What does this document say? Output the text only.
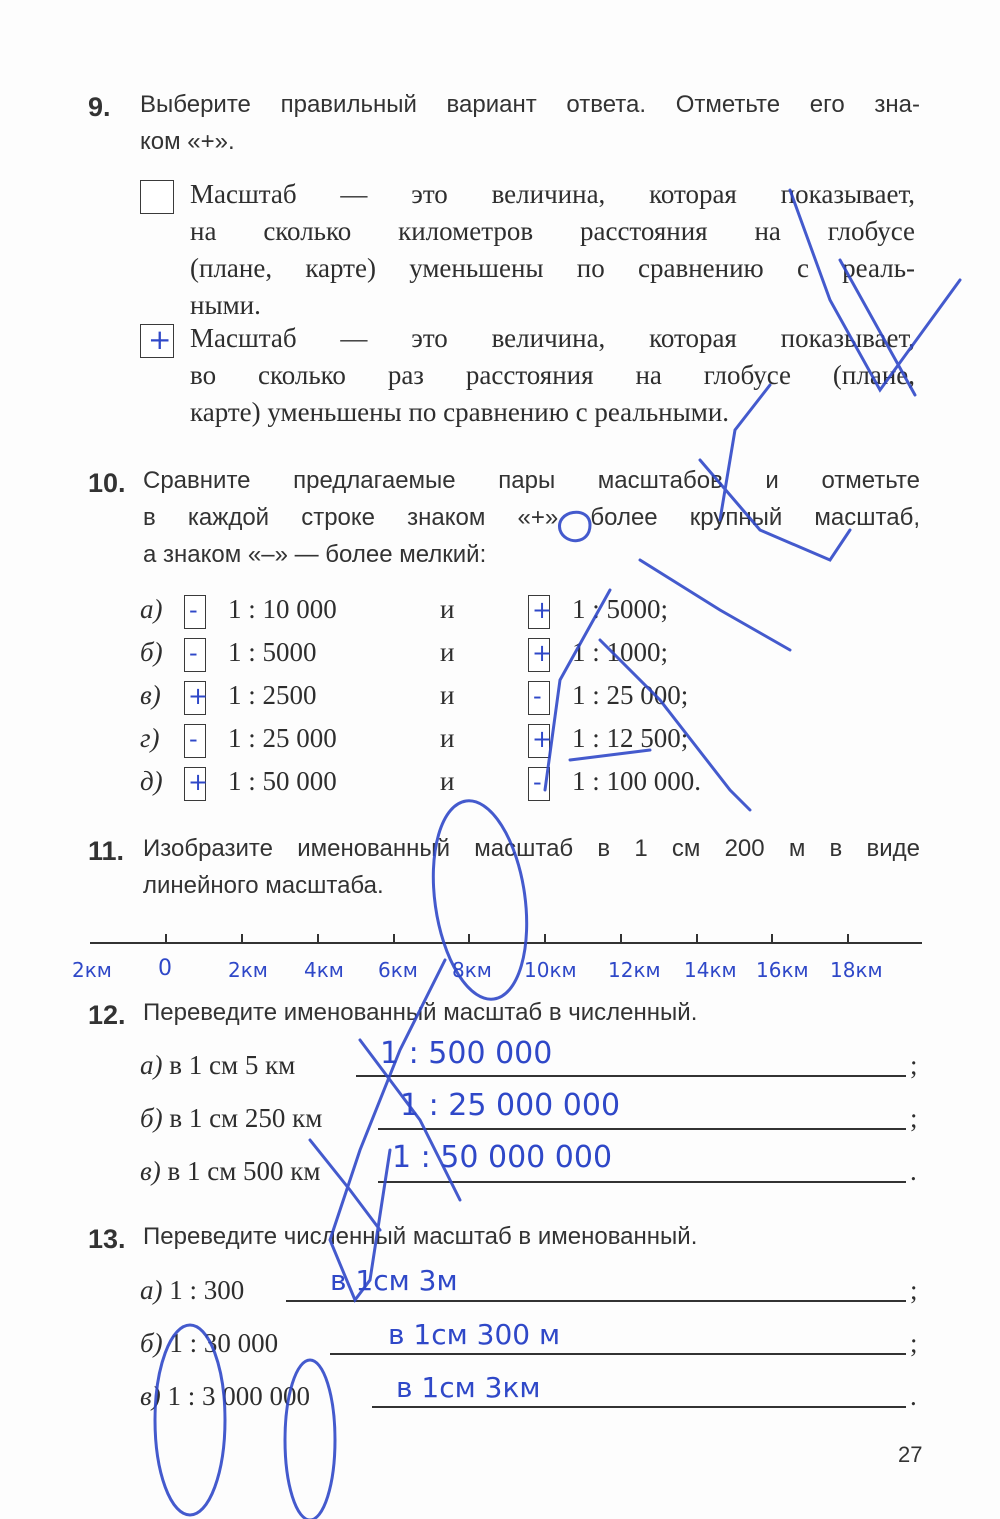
9. Выберите правильный вариант ответа. Отметьте его зна-
ком «+».
Масштаб — это величина, которая показывает,
на сколько километров расстояния на глобусе
(плане, карте) уменьшены по сравнению с реаль-
ными.
+ Масштаб — это величина, которая показывает,
во сколько раз расстояния на глобусе (плане,
карте) уменьшены по сравнению с реальными.
10. Сравните предлагаемые пары масштабов и отметьте
в каждой строке знаком «+» более крупный масштаб,
а знаком «–» — более мелкий:
а) - 1 : 10 000	и	+ 1 : 5000;
б) - 1 : 5000	и	+ 1 : 1000;
в) + 1 : 2500	и	- 1 : 25 000;
г) - 1 : 25 000	и	+ 1 : 12 500;
д) + 1 : 50 000	и	- 1 : 100 000.
11. Изобразите именованный масштаб в 1 см 200 м в виде
линейного масштаба.
2км 0	2км 4км 6км 8км 10км 12км 14км 16км 18км
12. Переведите именованный масштаб в численный.
а) в 1 см 5 км	1 : 500 000	;
б) в 1 см 250 км	1 : 25 000 000	;
в) в 1 см 500 км 1 : 50 000 000	.
13. Переведите численный масштаб в именованный.
а) 1 : 300	в 1см 3м	;
б) 1 : 30 000	в 1см 300 м	;
в) 1 : 3 000 000	в 1см 3км	.
27
